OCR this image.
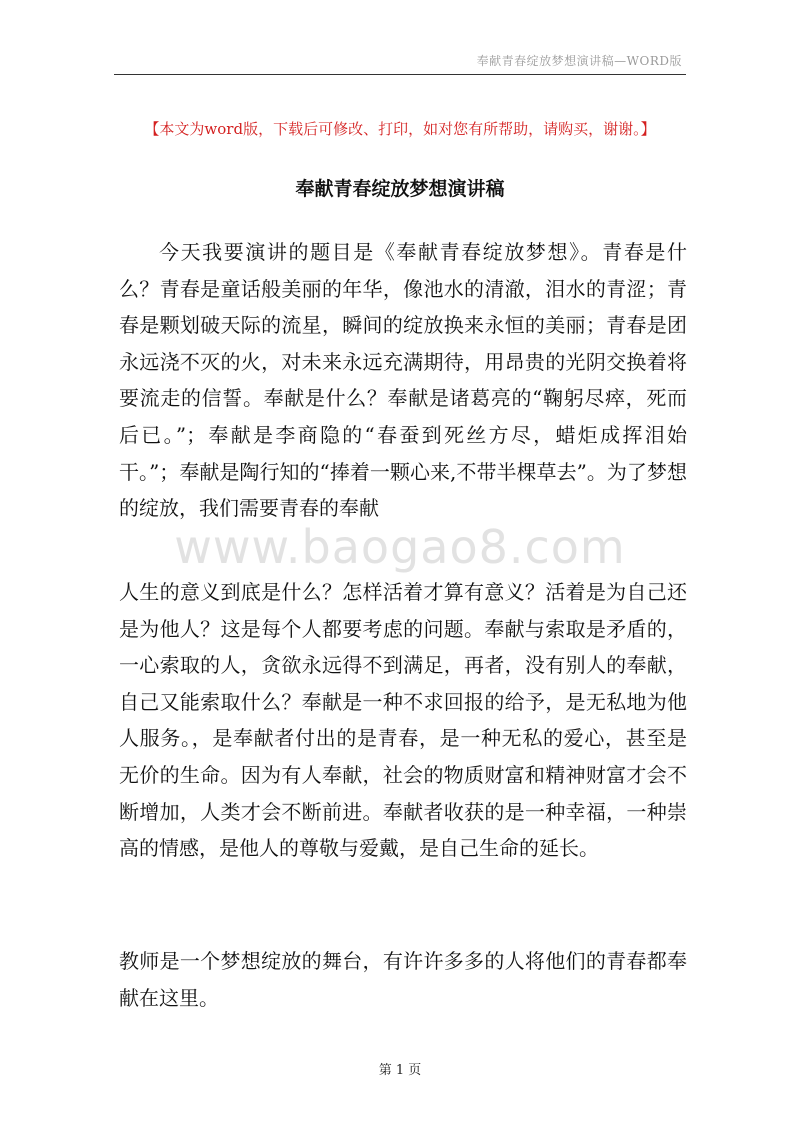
奉献青春绽放梦想演讲稿—WORD版
【本文为word版，下载后可修改、打印，如对您有所帮助，请购买，谢谢。】
奉献青春绽放梦想演讲稿

今天我要演讲的题目是《奉献青春绽放梦想》。青春是什么？青春是童话般美丽的年华，像池水的清澈，泪水的青涩；青春是颗划破天际的流星，瞬间的绽放换来永恒的美丽；青春是团永远浇不灭的火，对未来永远充满期待，用昂贵的光阴交换着将要流走的信誓。奉献是什么？奉献是诸葛亮的“鞠躬尽瘁，死而后已。”；奉献是李商隐的“春蚕到死丝方尽，蜡炬成挥泪始干。”；奉献是陶行知的“捧着一颗心来,不带半棵草去”。为了梦想的绽放，我们需要青春的奉献

www.baogao8.com

人生的意义到底是什么？怎样活着才算有意义？活着是为自己还是为他人？这是每个人都要考虑的问题。奉献与索取是矛盾的，一心索取的人，贪欲永远得不到满足，再者，没有别人的奉献，自己又能索取什么？奉献是一种不求回报的给予，是无私地为他人服务。，是奉献者付出的是青春，是一种无私的爱心，甚至是无价的生命。因为有人奉献，社会的物质财富和精神财富才会不断增加，人类才会不断前进。奉献者收获的是一种幸福，一种崇高的情感，是他人的尊敬与爱戴，是自己生命的延长。

教师是一个梦想绽放的舞台，有许许多多的人将他们的青春都奉献在这里。

第 1 页
